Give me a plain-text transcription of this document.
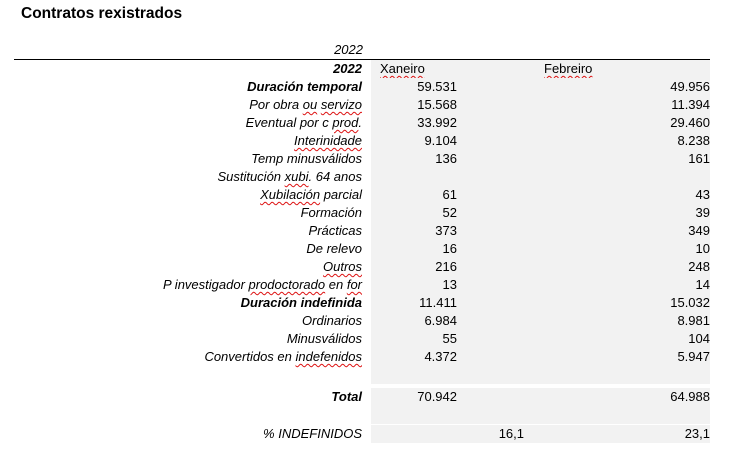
Contratos rexistrados
2022
2022 Xaneiro	Febreiro
Duración temporal	59.531	49.956
Por obra ou servizo	15.568	11.394
Eventual por c prod.	33.992	29.460
Interinidade	9.104	8.238
Temp minusválidos	136	161
Sustitución xubi. 64 anos
Xubilación parcial	61	43
Formación	52	39
Prácticas	373	349
De relevo	16	10
Outros	216	248
P investigador prodoctorado en for	13	14
Duración indefinida	11.411	15.032
Ordinarios	6.984	8.981
Minusválidos	55	104
Convertidos en indefenidos	4.372	5.947
Total	70.942	64.988
% INDEFINIDOS	16,1	23,1
